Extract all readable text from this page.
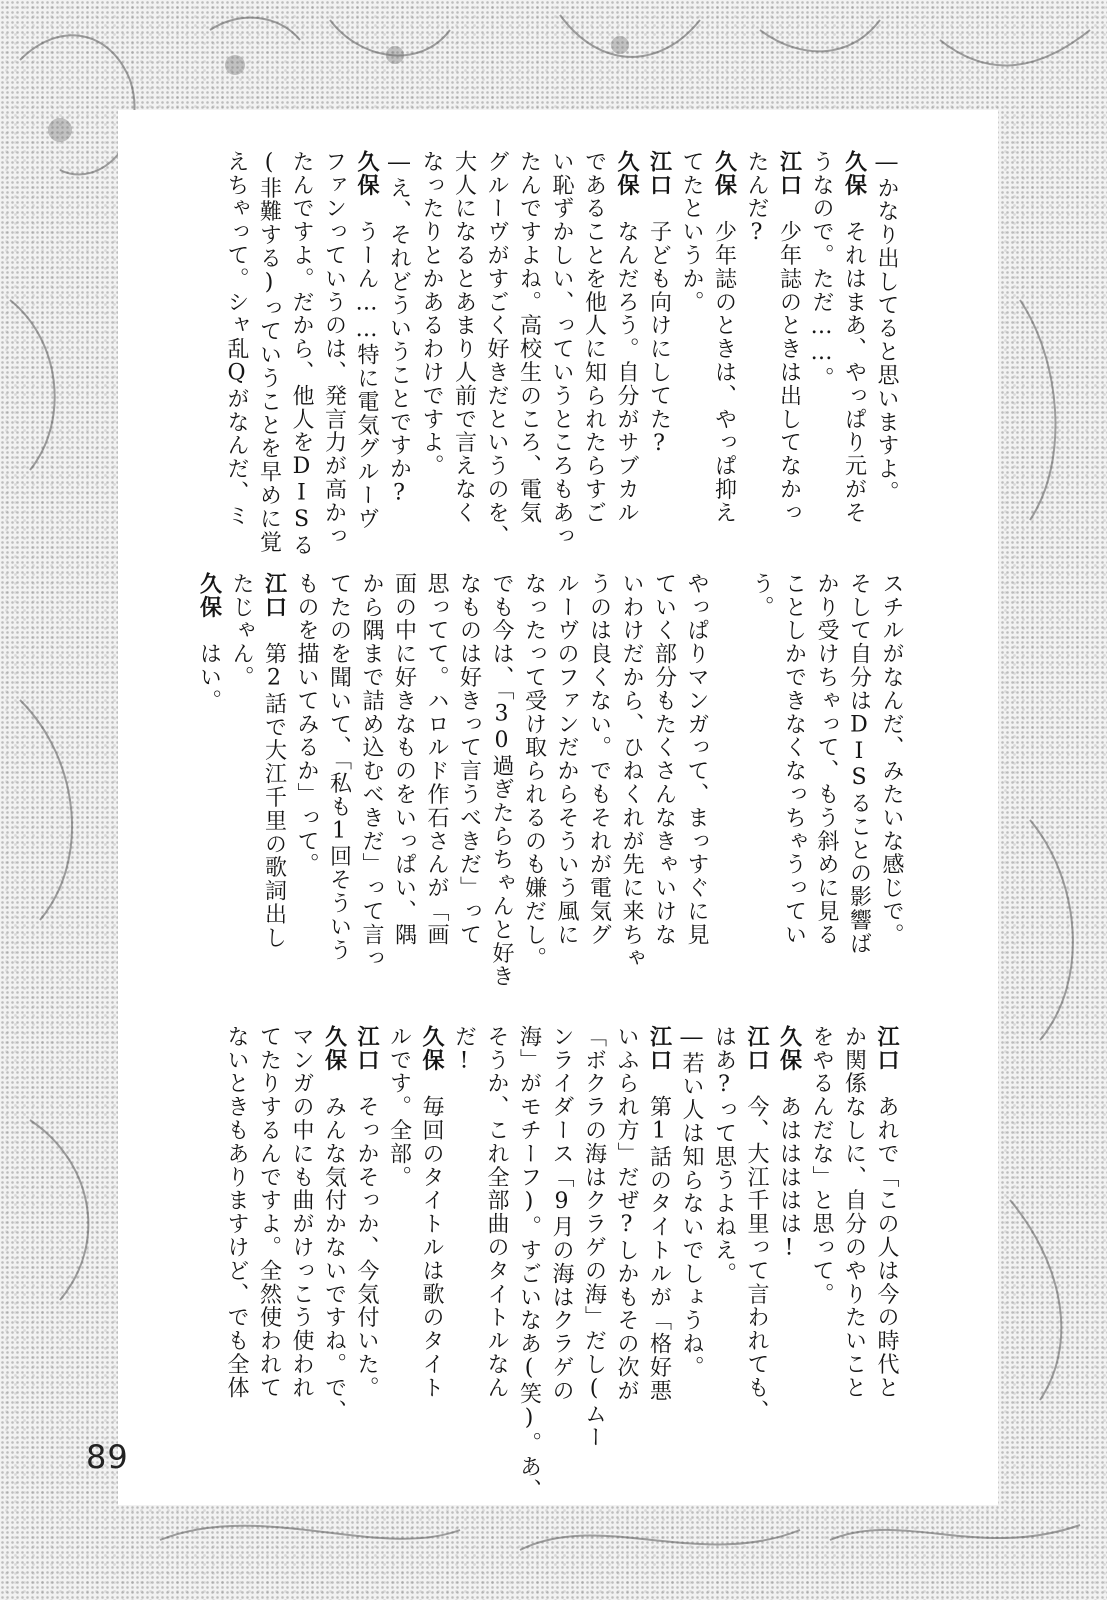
―かなり出してると思いますよ。
久保　それはまあ、やっぱり元がそ
うなので。ただ……。
江口　少年誌のときは出してなかっ
たんだ?
久保　少年誌のときは、やっぱ抑え
てたというか。
江口　子ども向けにしてた?
久保　なんだろう。自分がサブカル
であることを他人に知られたらすご
い恥ずかしい、っていうところもあっ
たんですよね。高校生のころ、電気
グルーヴがすごく好きだというのを、
大人になるとあまり人前で言えなく
なったりとかあるわけですよ。
―え、それどういうことですか?
久保　うーん……特に電気グルーヴ
ファンっていうのは、発言力が高かっ
たんですよ。だから、他人をDISる
(非難する)っていうことを早めに覚
えちゃって。シャ乱Qがなんだ、ミ

スチルがなんだ、みたいな感じで。
そして自分はDISることの影響ば
かり受けちゃって、もう斜めに見る
ことしかできなくなっちゃうってい
う。

やっぱりマンガって、まっすぐに見
ていく部分もたくさんなきゃいけな
いわけだから、ひねくれが先に来ちゃ
うのは良くない。でもそれが電気グ
ルーヴのファンだからそういう風に
なったって受け取られるのも嫌だし。
でも今は、「30過ぎたらちゃんと好き
なものは好きって言うべきだ」って
思ってて。ハロルド作石さんが「画
面の中に好きなものをいっぱい、隅
から隅まで詰め込むべきだ」って言っ
てたのを聞いて、「私も1回そういう
ものを描いてみるか」って。
江口　第2話で大江千里の歌詞出し
たじゃん。
久保　はい。

江口　あれで「この人は今の時代と
か関係なしに、自分のやりたいこと
をやるんだな」と思って。
久保　あははははは!
江口　今、大江千里って言われても、
はあ?って思うよねえ。
―若い人は知らないでしょうね。
江口　第1話のタイトルが「格好悪
いふられ方」だぜ?しかもその次が
「ボクラの海はクラゲの海」だし(ムー
ンライダース「9月の海はクラゲの
海」がモチーフ)。すごいなあ(笑)。あ、
そうか、これ全部曲のタイトルなん
だ!
久保　毎回のタイトルは歌のタイト
ルです。全部。
江口　そっかそっか、今気付いた。
久保　みんな気付かないですね。で、
マンガの中にも曲がけっこう使われ
てたりするんですよ。全然使われて
ないときもありますけど、でも全体

89
